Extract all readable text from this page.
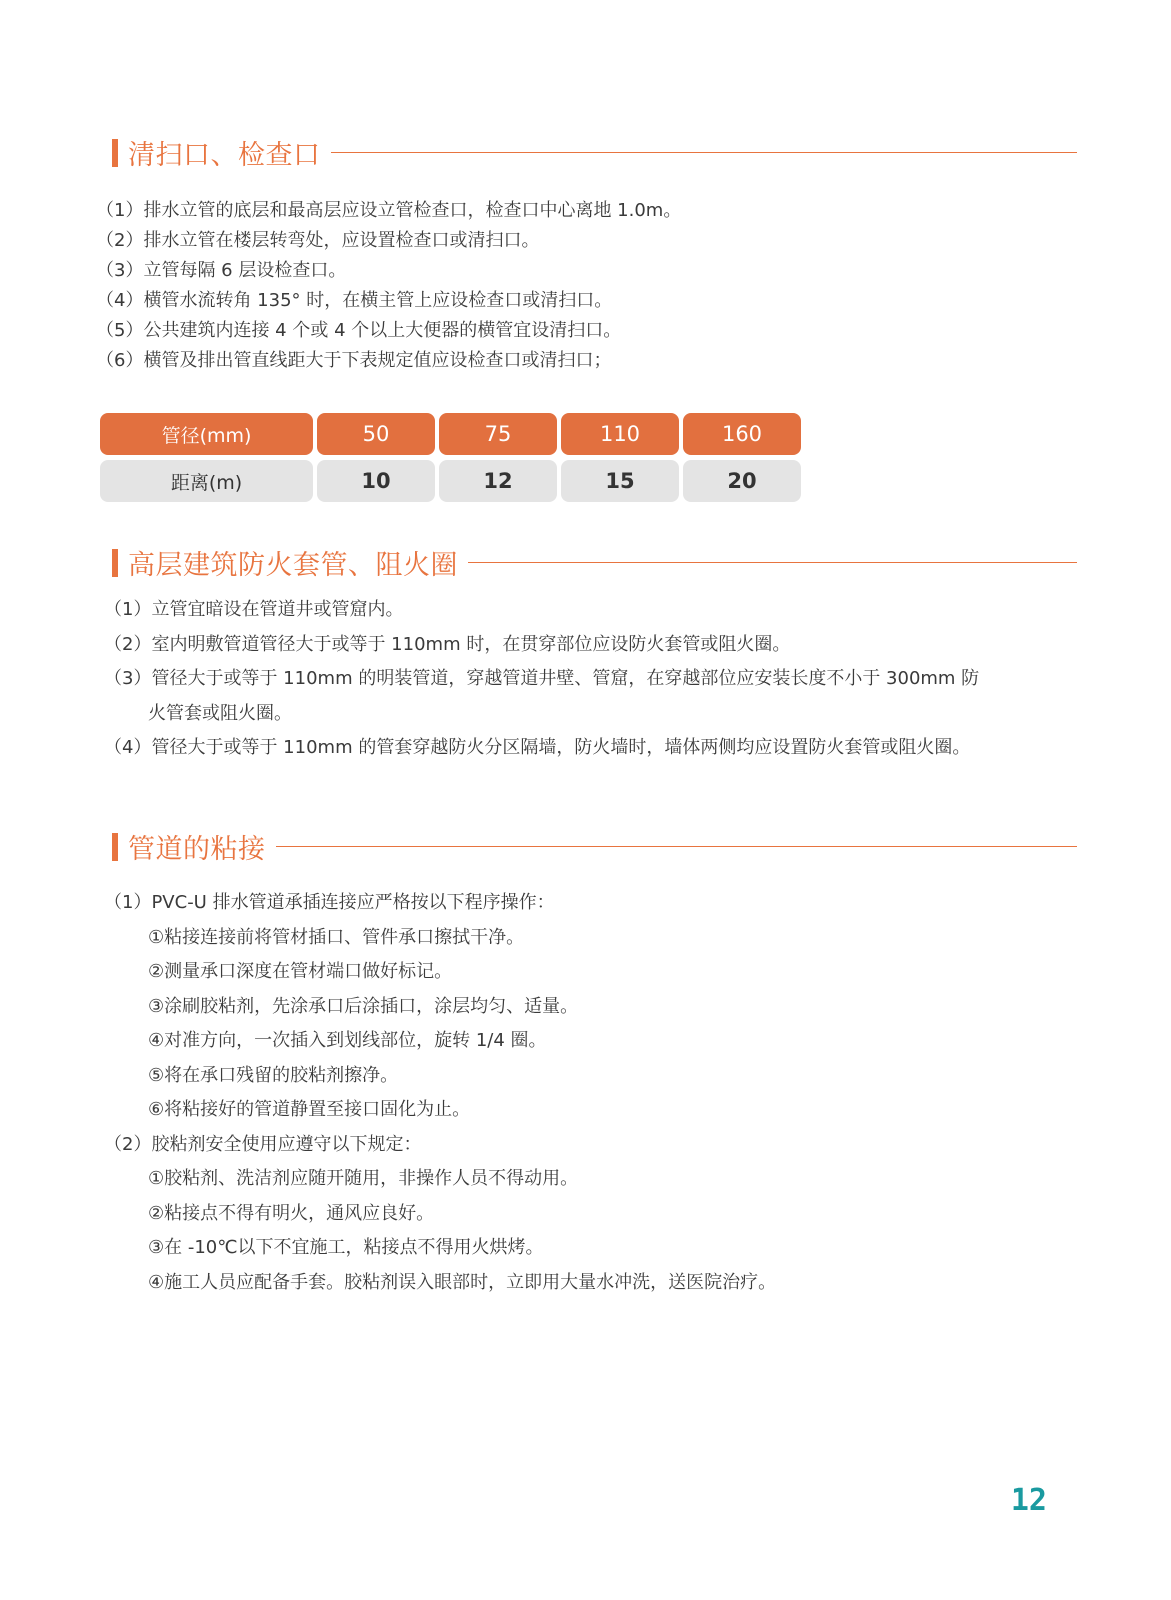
清扫口、检查口
（1）排水立管的底层和最高层应设立管检查口，检查口中心离地 1.0m。
（2）排水立管在楼层转弯处，应设置检查口或清扫口。
（3）立管每隔 6 层设检查口。
（4）横管水流转角 135° 时，在横主管上应设检查口或清扫口。
（5）公共建筑内连接 4 个或 4 个以上大便器的横管宜设清扫口。
（6）横管及排出管直线距大于下表规定值应设检查口或清扫口；
管径(mm)	50	75	110	160
距离(m)	10	12	15	20
高层建筑防火套管、阻火圈
（1）立管宜暗设在管道井或管窟内。
（2）室内明敷管道管径大于或等于 110mm 时，在贯穿部位应设防火套管或阻火圈。
（3）管径大于或等于 110mm 的明装管道，穿越管道井壁、管窟，在穿越部位应安装长度不小于 300mm 防
火管套或阻火圈。
（4）管径大于或等于 110mm 的管套穿越防火分区隔墙，防火墙时，墙体两侧均应设置防火套管或阻火圈。
管道的粘接
（1）PVC-U 排水管道承插连接应严格按以下程序操作：
①粘接连接前将管材插口、管件承口擦拭干净。
②测量承口深度在管材端口做好标记。
③涂刷胶粘剂，先涂承口后涂插口，涂层均匀、适量。
④对准方向，一次插入到划线部位，旋转 1/4 圈。
⑤将在承口残留的胶粘剂擦净。
⑥将粘接好的管道静置至接口固化为止。
（2）胶粘剂安全使用应遵守以下规定：
①胶粘剂、洗洁剂应随开随用，非操作人员不得动用。
②粘接点不得有明火，通风应良好。
③在 -10℃以下不宜施工，粘接点不得用火烘烤。
④施工人员应配备手套。胶粘剂误入眼部时，立即用大量水冲洗，送医院治疗。
12
